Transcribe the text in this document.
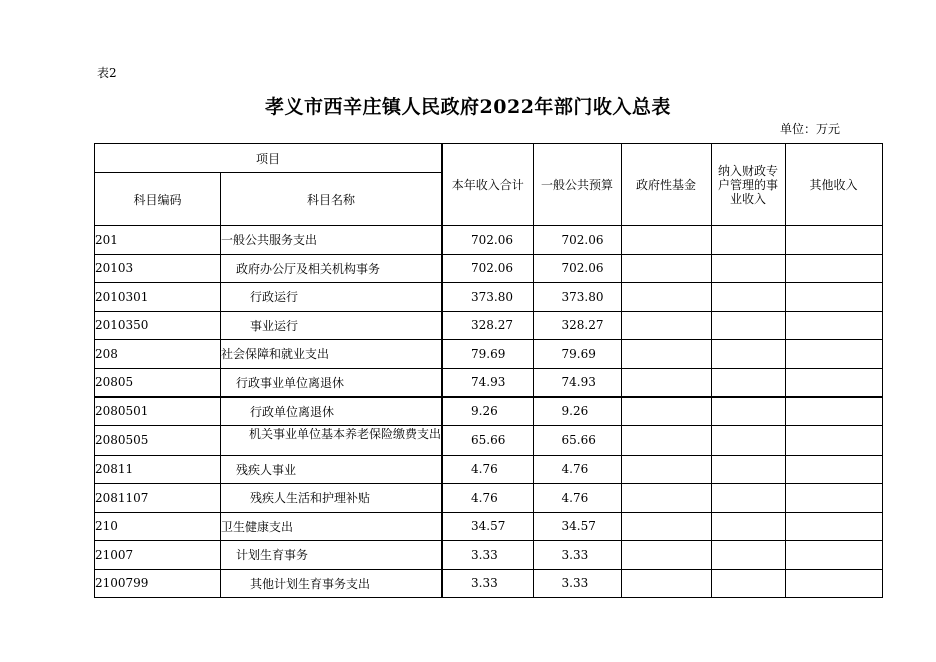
表2
孝义市西辛庄镇人民政府2022年部门收入总表
单位：万元
项目		本年收入合计	一般公共预算	政府性基金	纳入财政专户管理的事业收入	其他收入
科目编码	科目名称					
201	一般公共服务支出	702.06	702.06			
20103	政府办公厅及相关机构事务	702.06	702.06			
2010301	行政运行	373.80	373.80			
2010350	事业运行	328.27	328.27			
208	社会保障和就业支出	79.69	79.69			
20805	行政事业单位离退休	74.93	74.93			
2080501	行政单位离退休	9.26	9.26			
2080505	机关事业单位基本养老保险缴费支出	65.66	65.66			
20811	残疾人事业	4.76	4.76			
2081107	残疾人生活和护理补贴	4.76	4.76			
210	卫生健康支出	34.57	34.57			
21007	计划生育事务	3.33	3.33			
2100799	其他计划生育事务支出	3.33	3.33			
